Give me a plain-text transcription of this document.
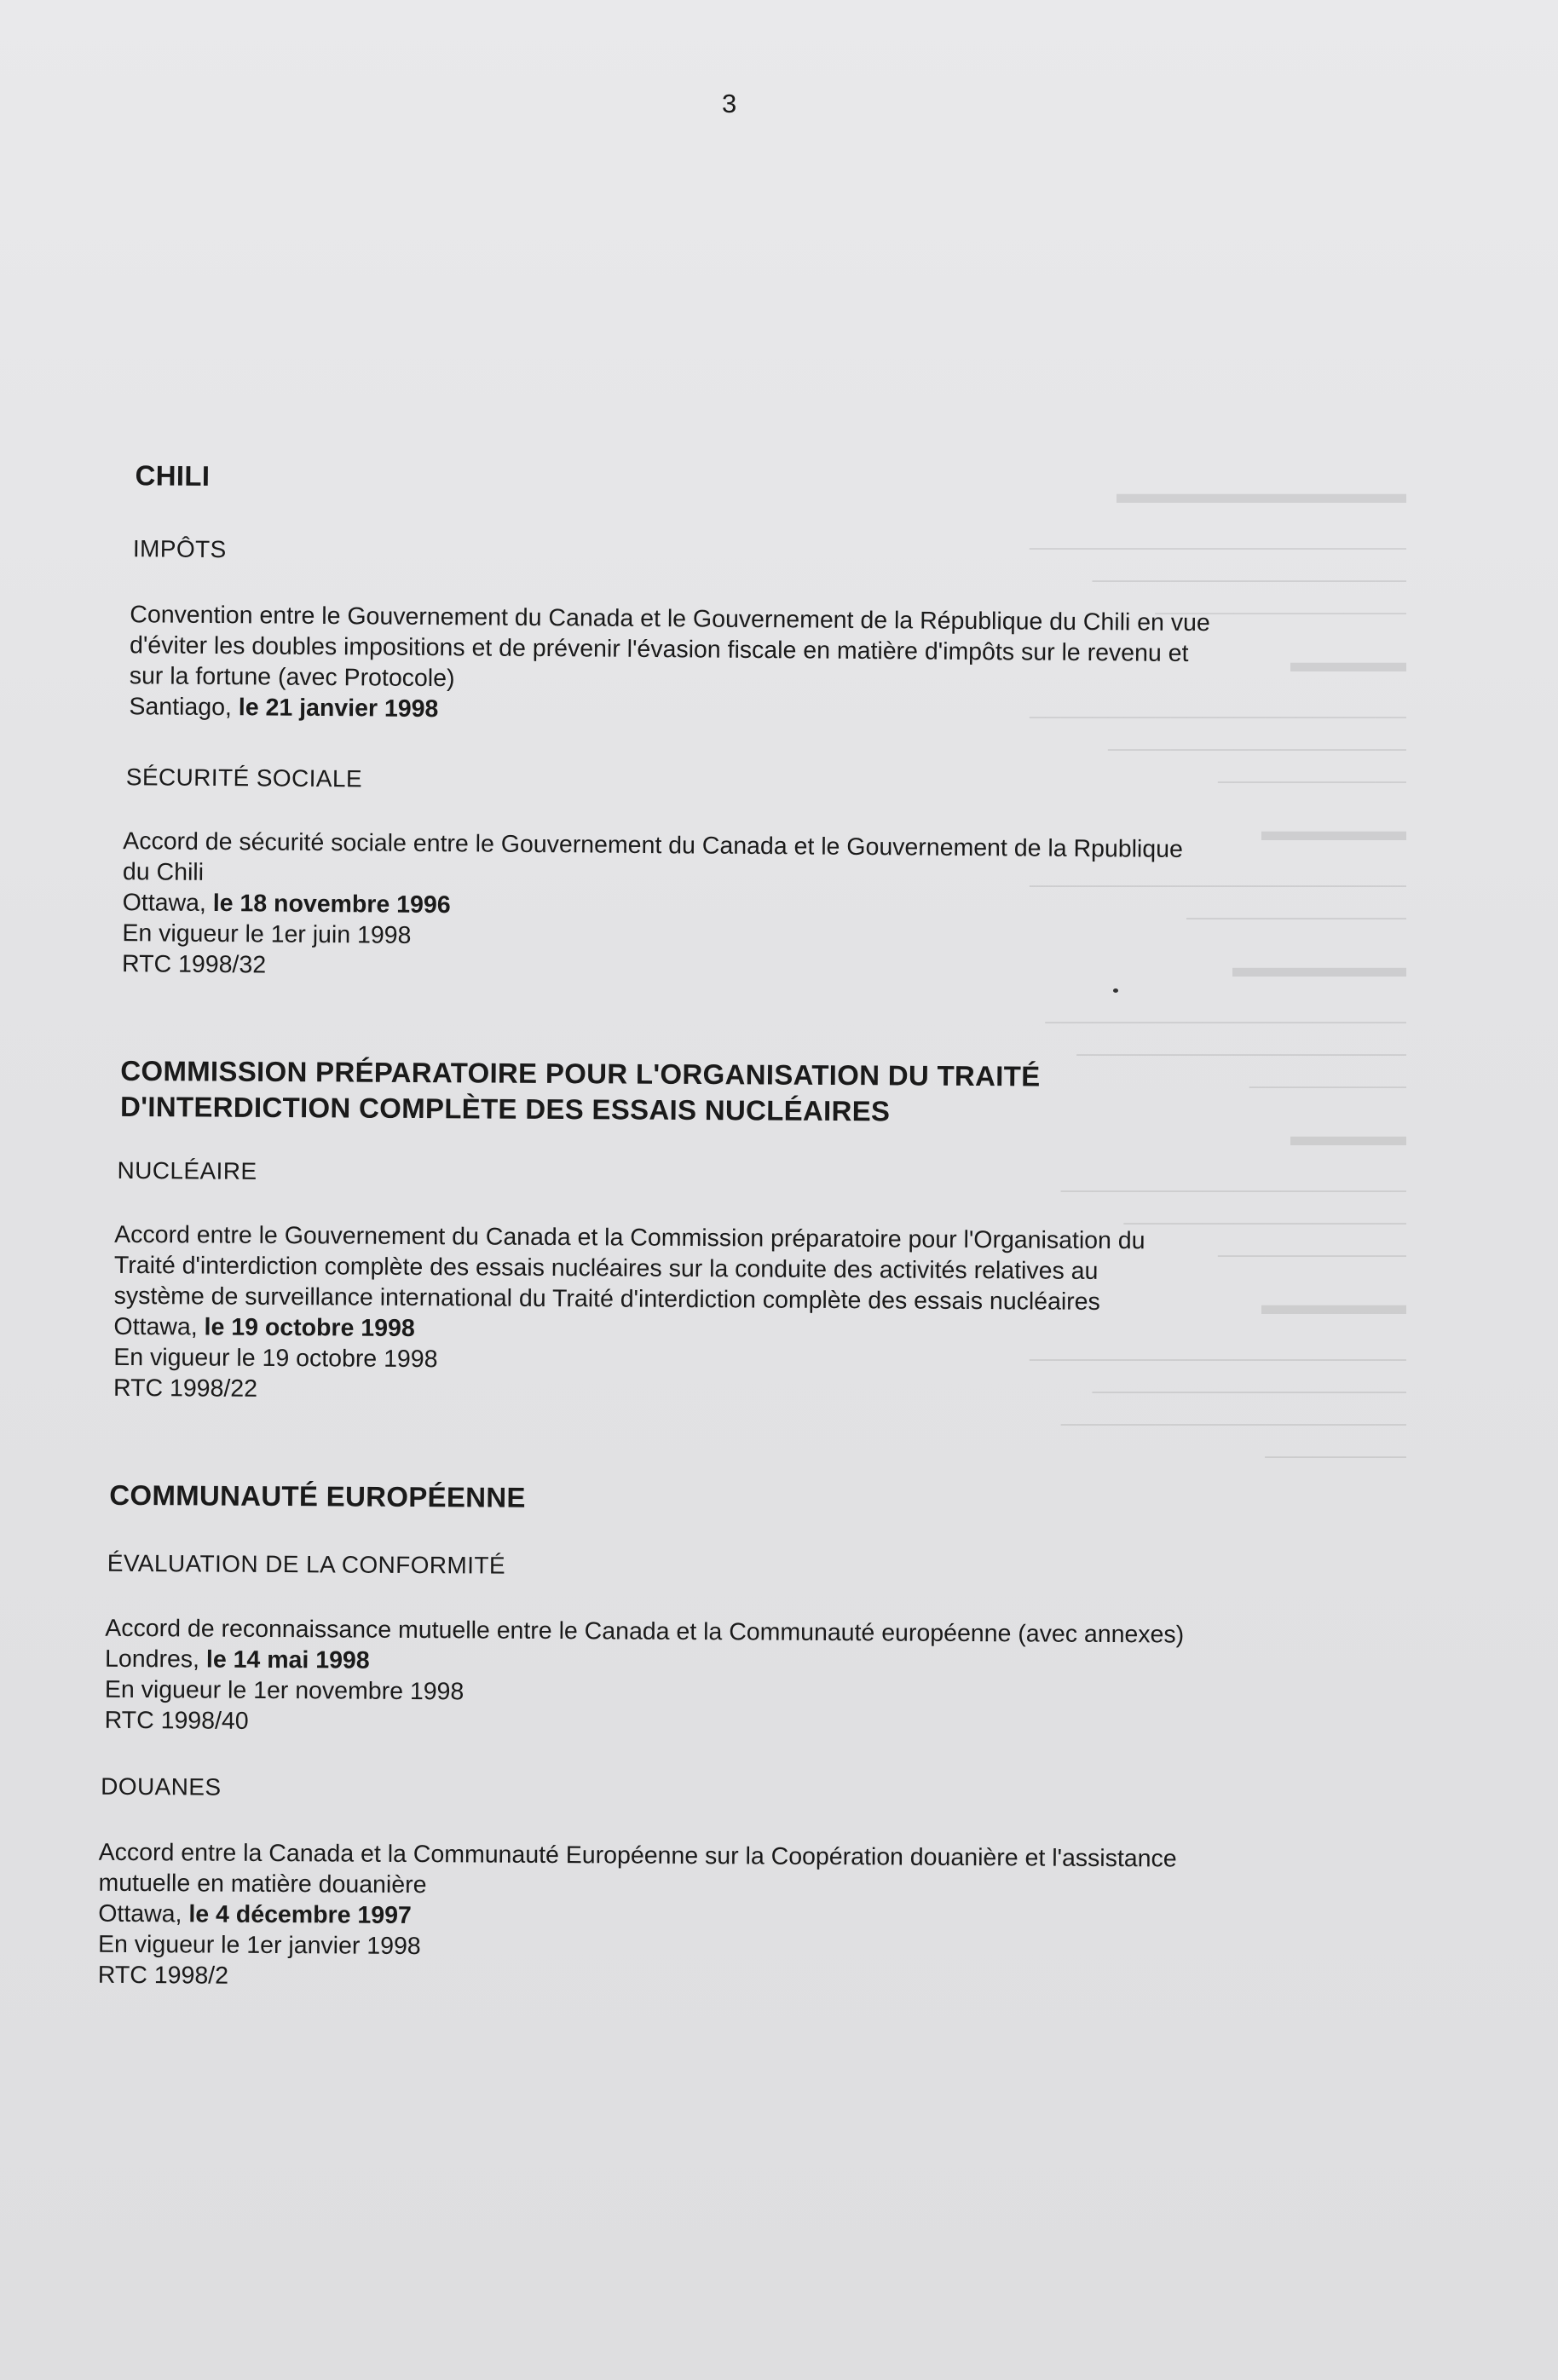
▬▬▬▬▬▬▬▬▬▬
────────────────────────
────────────────────
────────────────
▬▬▬▬
────────────────────────
───────────────────
────────────
▬▬▬▬▬
────────────────────────
──────────────
▬▬▬▬▬▬
───────────────────────
─────────────────────
──────────
▬▬▬▬
──────────────────────
──────────────────
────────────
▬▬▬▬▬
────────────────────────
────────────────────
──────────────────────
─────────
3
CHILI
IMPÔTS
Convention entre le Gouvernement du Canada et le Gouvernement de la République du Chili en vue
d'éviter les doubles impositions et de prévenir l'évasion fiscale en matière d'impôts sur le revenu et
sur la fortune (avec Protocole)
Santiago, le 21 janvier 1998
SÉCURITÉ SOCIALE
Accord de sécurité sociale entre le Gouvernement du Canada et le Gouvernement de la Rpublique
du Chili
Ottawa, le 18 novembre 1996
En vigueur le 1er juin 1998
RTC 1998/32
COMMISSION PRÉPARATOIRE POUR L'ORGANISATION DU TRAITÉ
D'INTERDICTION COMPLÈTE DES ESSAIS NUCLÉAIRES
NUCLÉAIRE
Accord entre le Gouvernement du Canada et la Commission préparatoire pour l'Organisation du
Traité d'interdiction complète des essais nucléaires sur la conduite des activités relatives au
système de surveillance international du Traité d'interdiction complète des essais nucléaires
Ottawa, le 19 octobre 1998
En vigueur le 19 octobre 1998
RTC 1998/22
COMMUNAUTÉ EUROPÉENNE
ÉVALUATION DE LA CONFORMITÉ
Accord de reconnaissance mutuelle entre le Canada et la Communauté européenne (avec annexes)
Londres, le 14 mai 1998
En vigueur le 1er novembre 1998
RTC 1998/40
DOUANES
Accord entre la Canada et la Communauté Européenne sur la Coopération douanière et l'assistance
mutuelle en matière douanière
Ottawa, le 4 décembre 1997
En vigueur le 1er janvier 1998
RTC 1998/2
